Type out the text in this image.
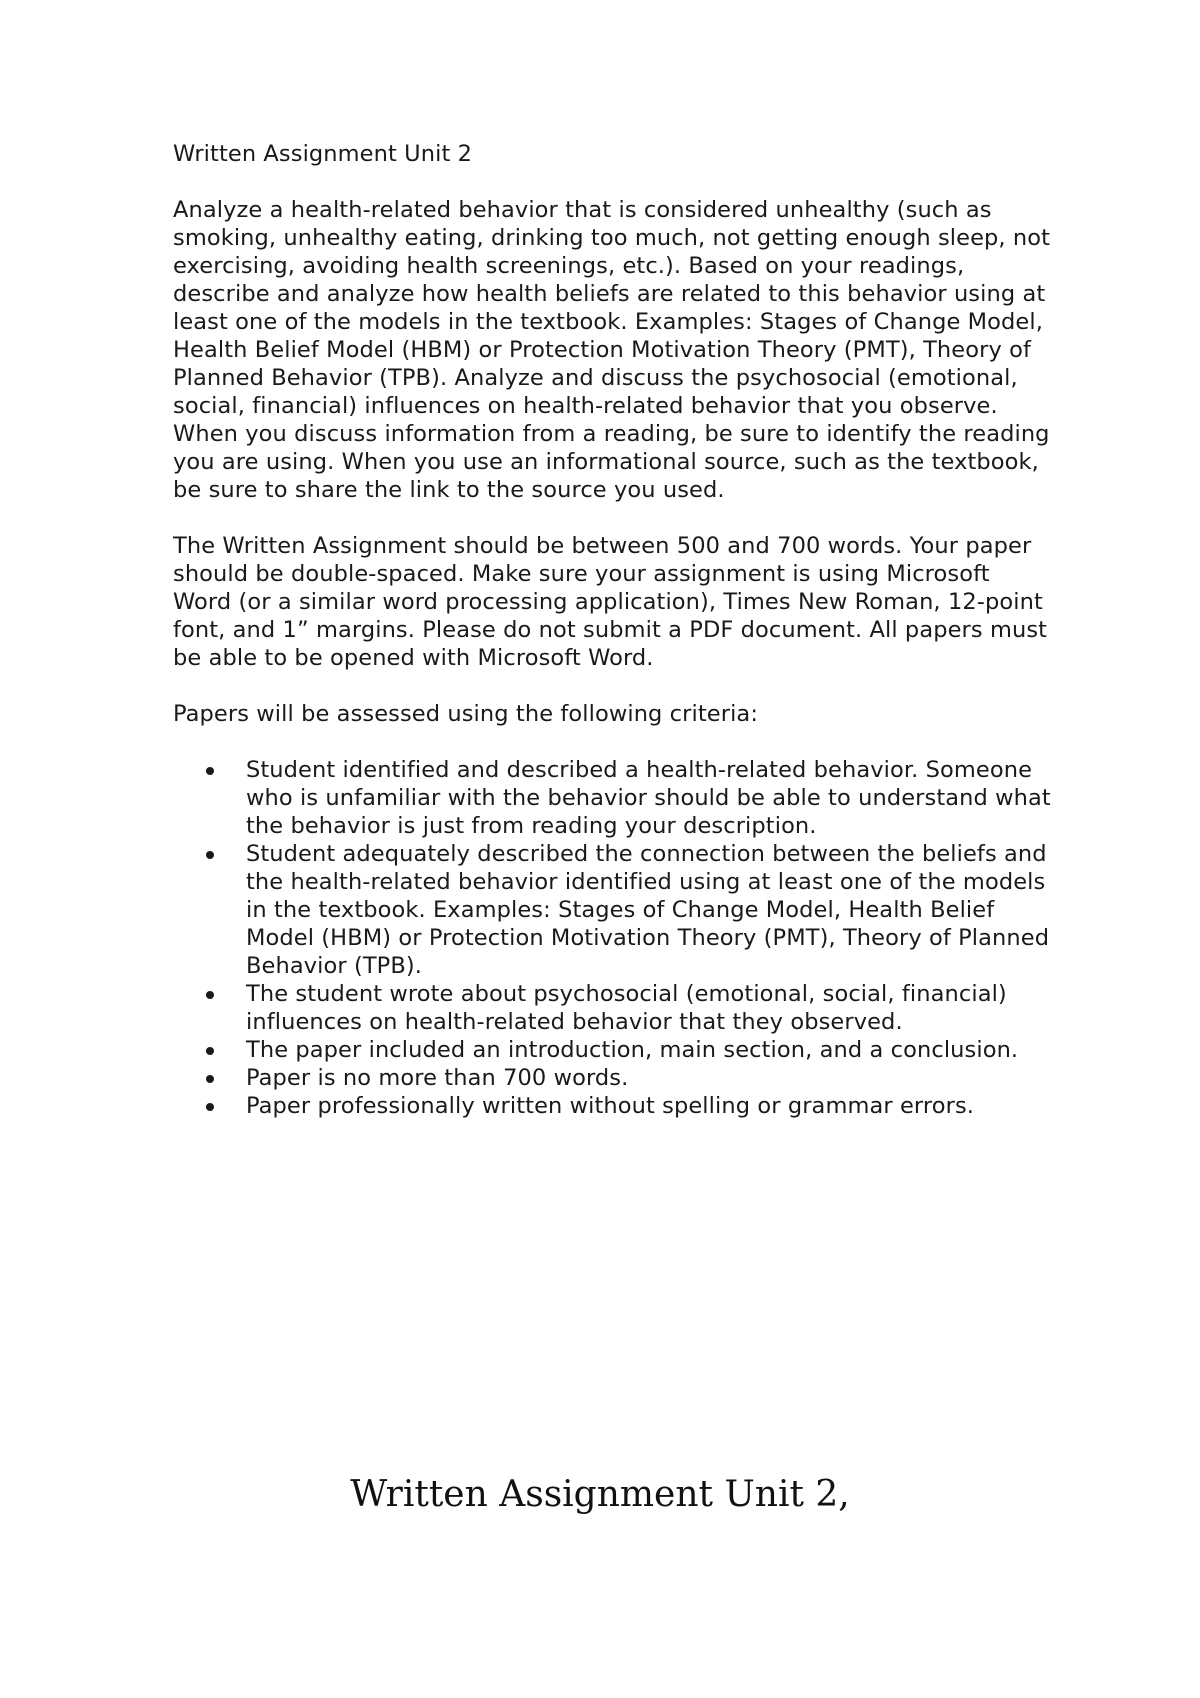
Written Assignment Unit 2

Analyze a health-related behavior that is considered unhealthy (such as smoking, unhealthy eating, drinking too much, not getting enough sleep, not exercising, avoiding health screenings, etc.). Based on your readings, describe and analyze how health beliefs are related to this behavior using at least one of the models in the textbook. Examples: Stages of Change Model, Health Belief Model (HBM) or Protection Motivation Theory (PMT), Theory of Planned Behavior (TPB). Analyze and discuss the psychosocial (emotional, social, financial) influences on health-related behavior that you observe. When you discuss information from a reading, be sure to identify the reading you are using. When you use an informational source, such as the textbook, be sure to share the link to the source you used.

The Written Assignment should be between 500 and 700 words. Your paper should be double-spaced. Make sure your assignment is using Microsoft Word (or a similar word processing application), Times New Roman, 12-point font, and 1” margins. Please do not submit a PDF document. All papers must be able to be opened with Microsoft Word.

Papers will be assessed using the following criteria:

Student identified and described a health-related behavior. Someone who is unfamiliar with the behavior should be able to understand what the behavior is just from reading your description.
Student adequately described the connection between the beliefs and the health-related behavior identified using at least one of the models in the textbook. Examples: Stages of Change Model, Health Belief Model (HBM) or Protection Motivation Theory (PMT), Theory of Planned Behavior (TPB).
The student wrote about psychosocial (emotional, social, financial) influences on health-related behavior that they observed.
The paper included an introduction, main section, and a conclusion.
Paper is no more than 700 words.
Paper professionally written without spelling or grammar errors.
Written Assignment Unit 2,
